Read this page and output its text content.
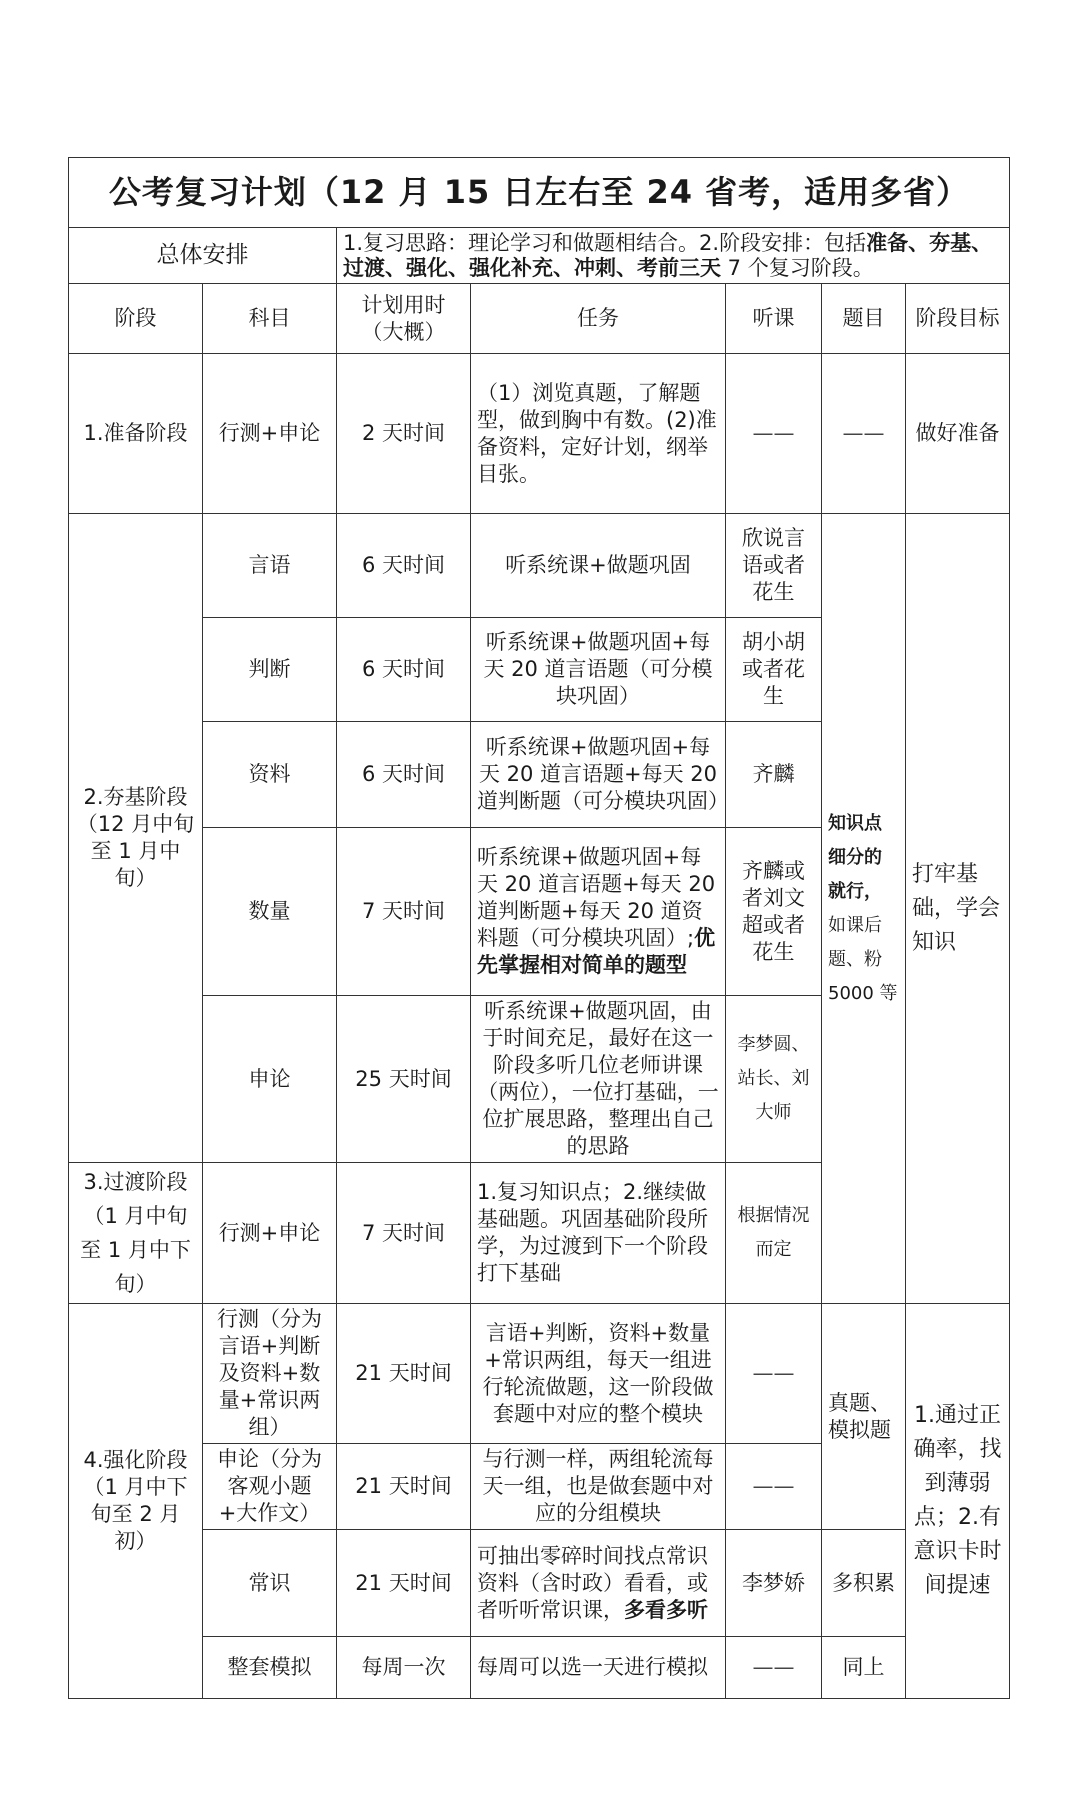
公考复习计划（12 月 15 日左右至 24 省考，适用多省）						
总体安排		1.复习思路：理论学习和做题相结合。2.阶段安排：包括准备、夯基、过渡、强化、强化补充、冲刺、考前三天 7 个复习阶段。				
阶段	科目	计划用时（大概）	任务	听课	题目	阶段目标
1.准备阶段	行测+申论	2 天时间	（1）浏览真题，了解题型，做到胸中有数。(2)准备资料，定好计划，纲举目张。	——	——	做好准备
2.夯基阶段（12 月中旬至 1 月中旬）	言语	6 天时间	听系统课+做题巩固	欣说言语或者花生	知识点细分的就行，如课后题、粉 5000 等	打牢基础，学会知识
	判断	6 天时间	听系统课+做题巩固+每天 20 道言语题（可分模块巩固）	胡小胡或者花生		
	资料	6 天时间	听系统课+做题巩固+每天 20 道言语题+每天 20 道判断题（可分模块巩固）	齐麟		
	数量	7 天时间	听系统课+做题巩固+每天 20 道言语题+每天 20 道判断题+每天 20 道资料题（可分模块巩固）;优先掌握相对简单的题型	齐麟或者刘文超或者花生		
	申论	25 天时间	听系统课+做题巩固，由于时间充足，最好在这一阶段多听几位老师讲课（两位），一位打基础，一位扩展思路，整理出自己的思路	李梦圆、站长、刘大师		
3.过渡阶段（1 月中旬至 1 月中下旬）	行测+申论	7 天时间	1.复习知识点；2.继续做基础题。巩固基础阶段所学，为过渡到下一个阶段打下基础	根据情况而定		
4.强化阶段（1 月中下旬至 2 月初）	行测（分为言语+判断及资料+数量+常识两组）	21 天时间	言语+判断，资料+数量+常识两组，每天一组进行轮流做题，这一阶段做套题中对应的整个模块	——	真题、模拟题	1.通过正确率，找到薄弱点；2.有意识卡时间提速
	申论（分为客观小题+大作文）	21 天时间	与行测一样，两组轮流每天一组，也是做套题中对应的分组模块	——		
	常识	21 天时间	可抽出零碎时间找点常识资料（含时政）看看，或者听听常识课，多看多听	李梦娇	多积累	
	整套模拟	每周一次	每周可以选一天进行模拟	——	同上	
